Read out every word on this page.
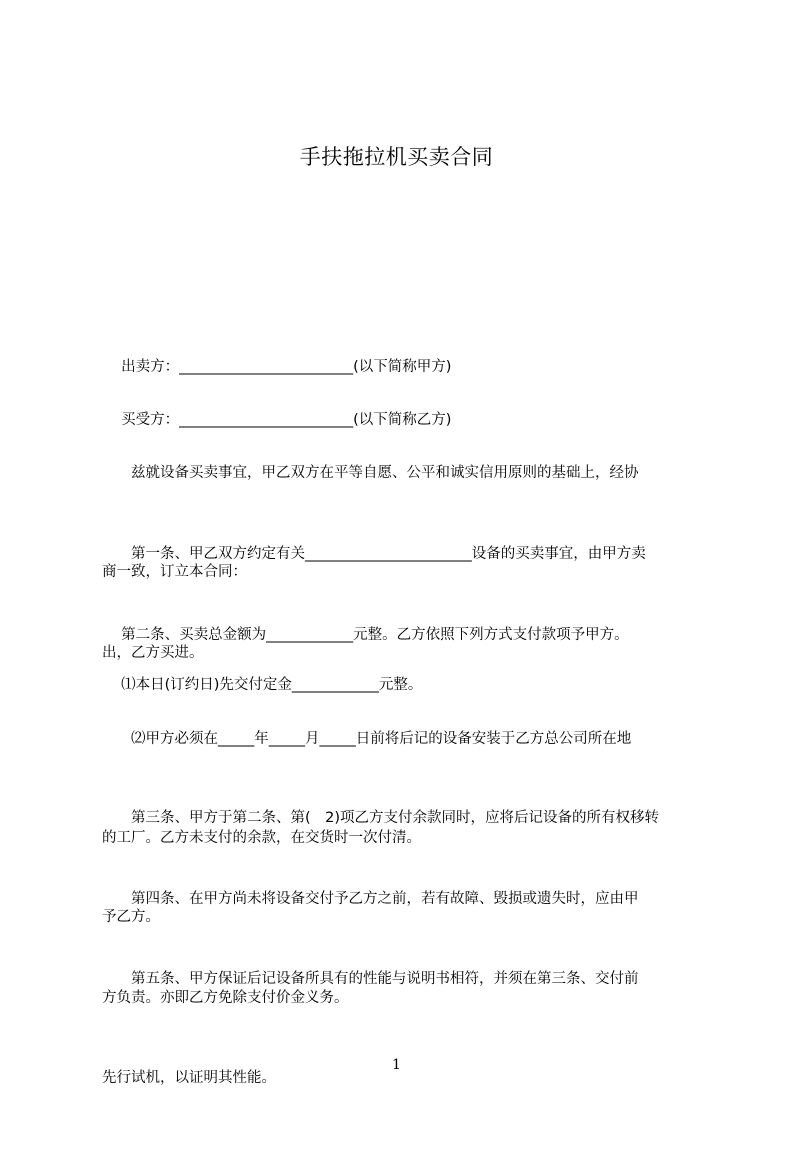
手扶拖拉机买卖合同

　 出卖方：________________________(以下简称甲方)

　 买受方：________________________(以下简称乙方)

　　兹就设备买卖事宜，甲乙双方在平等自愿、公平和诚实信用原则的基础上，经协

商一致，订立本合同：

　　第一条、甲乙双方约定有关_______________________设备的买卖事宜，由甲方卖

出，乙方买进。

　 第二条、买卖总金额为____________元整。乙方依照下列方式支付款项予甲方。

　 ⑴本日(订约日)先交付定金____________元整。

　　⑵甲方必须在_____年_____月_____日前将后记的设备安装于乙方总公司所在地

的工厂。乙方未支付的余款，在交货时一次付清。

　　第三条、甲方于第二条、第(　2)项乙方支付余款同时，应将后记设备的所有权移转

予乙方。

　　第四条、在甲方尚未将设备交付予乙方之前，若有故障、毁损或遗失时，应由甲

方负责。亦即乙方免除支付价金义务。

　　第五条、甲方保证后记设备所具有的性能与说明书相符，并须在第三条、交付前

先行试机，以证明其性能。

1
